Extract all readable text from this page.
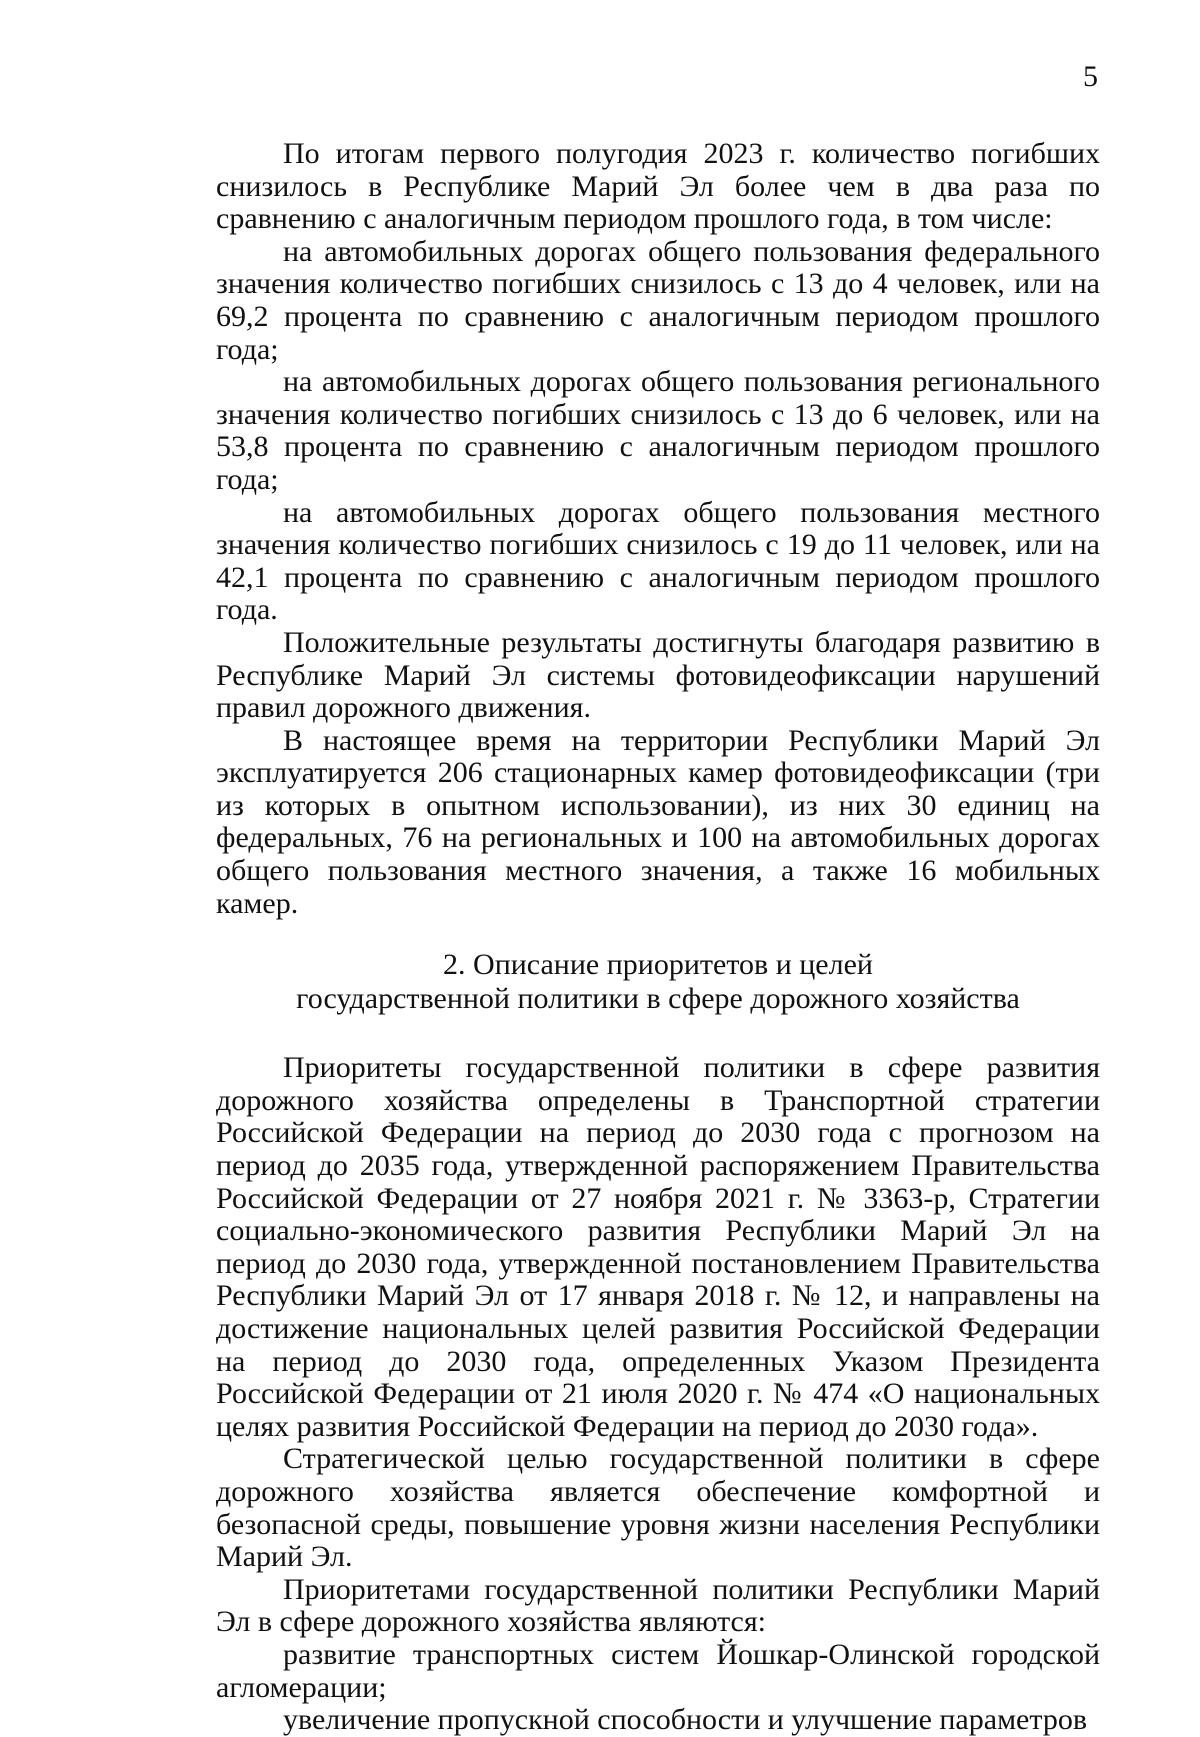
5

По итогам первого полугодия 2023 г. количество погибших снизилось в Республике Марий Эл более чем в два раза по сравнению с аналогичным периодом прошлого года, в том числе:

на автомобильных дорогах общего пользования федерального значения количество погибших снизилось с 13 до 4 человек, или на 69,2 процента по сравнению с аналогичным периодом прошлого года;

на автомобильных дорогах общего пользования регионального значения количество погибших снизилось с 13 до 6 человек, или на 53,8 процента по сравнению с аналогичным периодом прошлого года;

на автомобильных дорогах общего пользования местного значения количество погибших снизилось с 19 до 11 человек, или на 42,1 процента по сравнению с аналогичным периодом прошлого года.

Положительные результаты достигнуты благодаря развитию в Республике Марий Эл системы фотовидеофиксации нарушений правил дорожного движения.

В настоящее время на территории Республики Марий Эл эксплуатируется 206 стационарных камер фотовидеофиксации (три из которых в опытном использовании), из них 30 единиц на федеральных, 76 на региональных и 100 на автомобильных дорогах общего пользования местного значения, а также 16 мобильных камер.

2. Описание приоритетов и целей
государственной политики в сфере дорожного хозяйства

Приоритеты государственной политики в сфере развития дорожного хозяйства определены в Транспортной стратегии Российской Федерации на период до 2030 года с прогнозом на период до 2035 года, утвержденной распоряжением Правительства Российской Федерации от 27 ноября 2021 г. № 3363-р, Стратегии социально-экономического развития Республики Марий Эл на период до 2030 года, утвержденной постановлением Правительства Республики Марий Эл от 17 января 2018 г. № 12, и направлены на достижение национальных целей развития Российской Федерации на период до 2030 года, определенных Указом Президента Российской Федерации от 21 июля 2020 г. № 474 «О национальных целях развития Российской Федерации на период до 2030 года».

Стратегической целью государственной политики в сфере дорожного хозяйства является обеспечение комфортной и безопасной среды, повышение уровня жизни населения Республики Марий Эл.

Приоритетами государственной политики Республики Марий Эл в сфере дорожного хозяйства являются:

развитие транспортных систем Йошкар-Олинской городской агломерации;

увеличение пропускной способности и улучшение параметров
